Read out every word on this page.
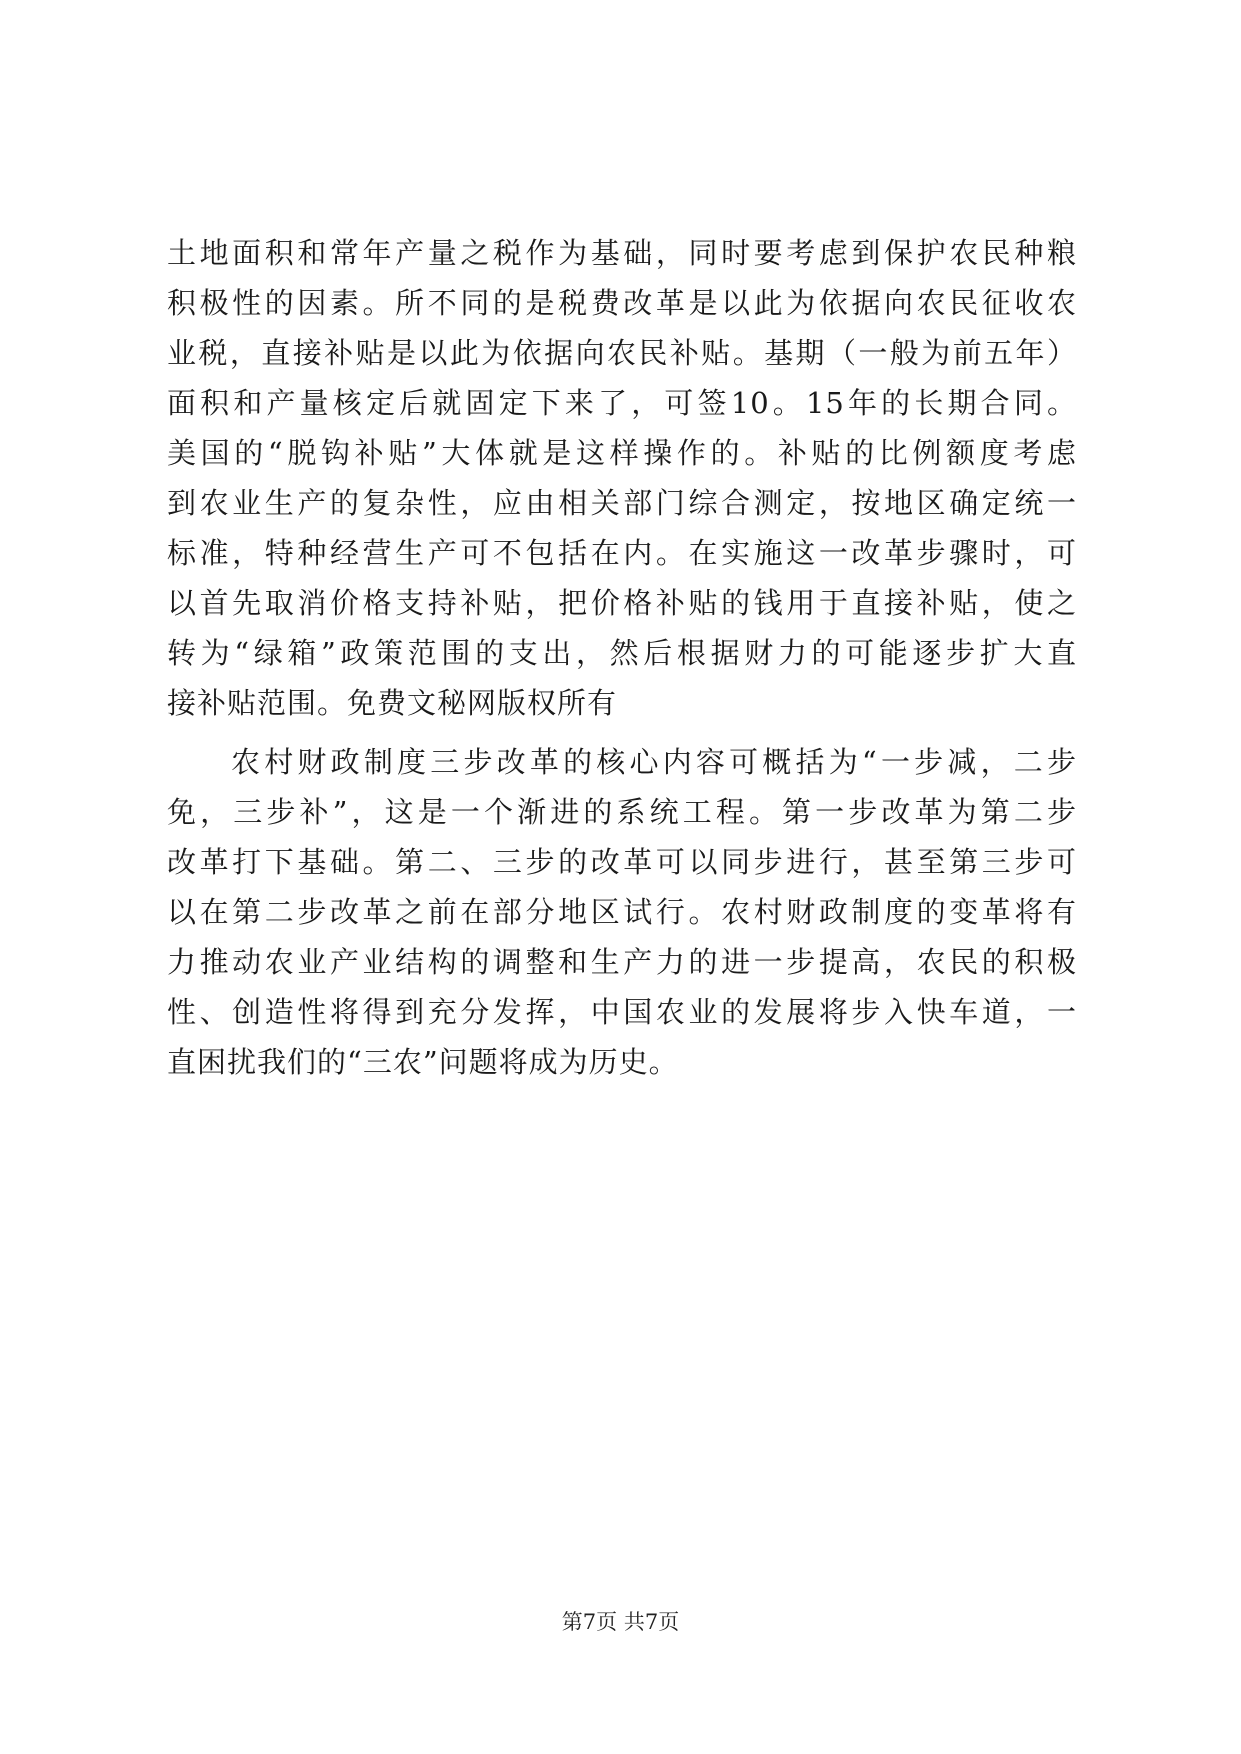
土地面积和常年产量之税作为基础，同时要考虑到保护农民种粮
积极性的因素。所不同的是税费改革是以此为依据向农民征收农
业税，直接补贴是以此为依据向农民补贴。基期（一般为前五年）
面积和产量核定后就固定下来了，可签10。15年的长期合同。
美国的“脱钩补贴”大体就是这样操作的。补贴的比例额度考虑
到农业生产的复杂性，应由相关部门综合测定，按地区确定统一
标准，特种经营生产可不包括在内。在实施这一改革步骤时，可
以首先取消价格支持补贴，把价格补贴的钱用于直接补贴，使之
转为“绿箱”政策范围的支出，然后根据财力的可能逐步扩大直
接补贴范围。免费文秘网版权所有
农村财政制度三步改革的核心内容可概括为“一步减，二步
免，三步补”，这是一个渐进的系统工程。第一步改革为第二步
改革打下基础。第二、三步的改革可以同步进行，甚至第三步可
以在第二步改革之前在部分地区试行。农村财政制度的变革将有
力推动农业产业结构的调整和生产力的进一步提高，农民的积极
性、创造性将得到充分发挥，中国农业的发展将步入快车道，一
直困扰我们的“三农”问题将成为历史。
第7页 共7页
